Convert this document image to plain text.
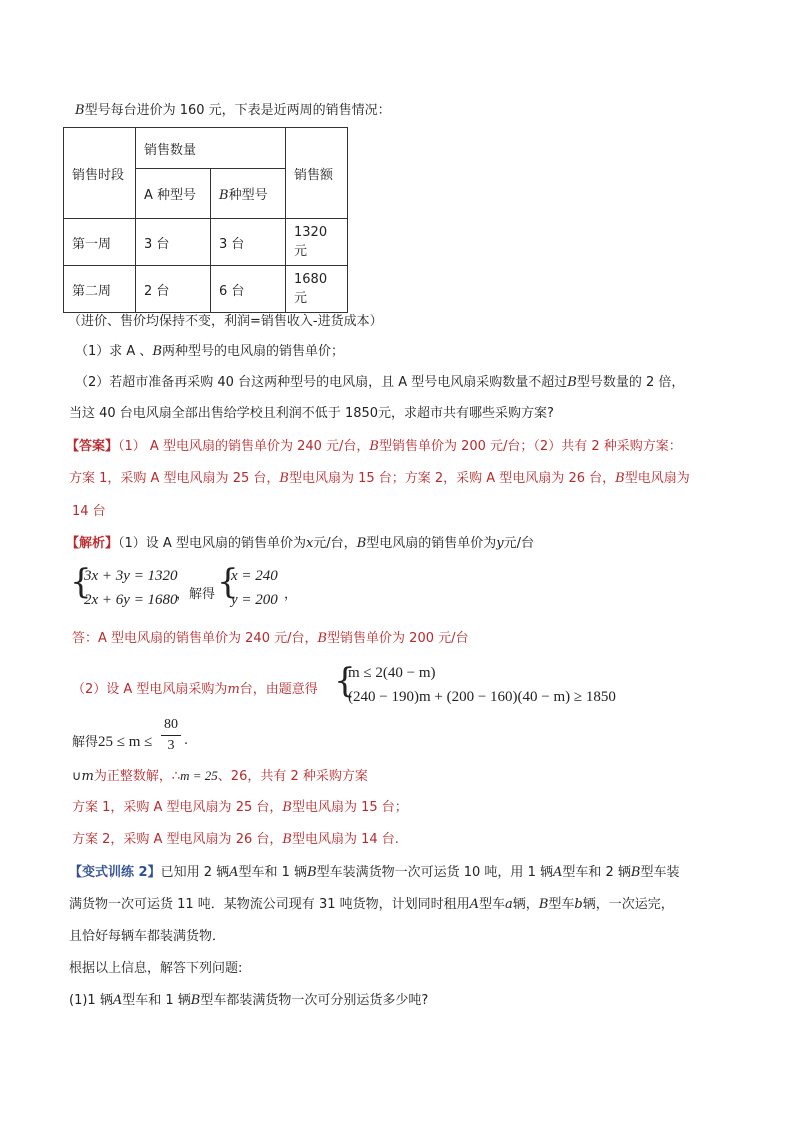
B型号每台进价为 160 元，下表是近两周的销售情况：
销售时段	销售数量		销售额
	A 种型号	B种型号	
第一周	3 台	3 台	1320 元
第二周	2 台	6 台	1680 元
（进价、售价均保持不变，利润=销售收入-进货成本）
（1）求 A 、B两种型号的电风扇的销售单价；
（2）若超市准备再采购 40 台这两种型号的电风扇，且 A 型号电风扇采购数量不超过B型号数量的 2 倍，
当这 40 台电风扇全部出售给学校且利润不低于 1850元，求超市共有哪些采购方案?
【答案】（1） A 型电风扇的销售单价为 240 元/台，B型销售单价为 200 元/台；（2）共有 2 种采购方案：
方案 1，采购 A 型电风扇为 25 台，B型电风扇为 15 台；方案 2，采购 A 型电风扇为 26 台，B型电风扇为
14 台
【解析】（1）设 A 型电风扇的销售单价为x元/台，B型电风扇的销售单价为y元/台
{
3x + 3y = 1320
2x + 6y = 1680
，解得 {
x = 240
y = 200 ，
答：A 型电风扇的销售单价为 240 元/台，B型销售单价为 200 元/台
（2）设 A 型电风扇采购为m台，由题意得 {
m ≤ 2(40 − m)
(240 − 190)m + (200 − 160)(40 − m) ≥ 1850
解得25 ≤ m ≤
80
3 .
∪m为正整数解，∴m = 25、26，共有 2 种采购方案
方案 1，采购 A 型电风扇为 25 台，B型电风扇为 15 台；
方案 2，采购 A 型电风扇为 26 台，B型电风扇为 14 台.
【变式训练 2】已知用 2 辆A型车和 1 辆B型车装满货物一次可运货 10 吨，用 1 辆A型车和 2 辆B型车装
满货物一次可运货 11 吨．某物流公司现有 31 吨货物，计划同时租用A型车a辆，B型车b辆，一次运完，
且恰好每辆车都装满货物．
根据以上信息，解答下列问题:
(1)1 辆A型车和 1 辆B型车都装满货物一次可分别运货多少吨?
